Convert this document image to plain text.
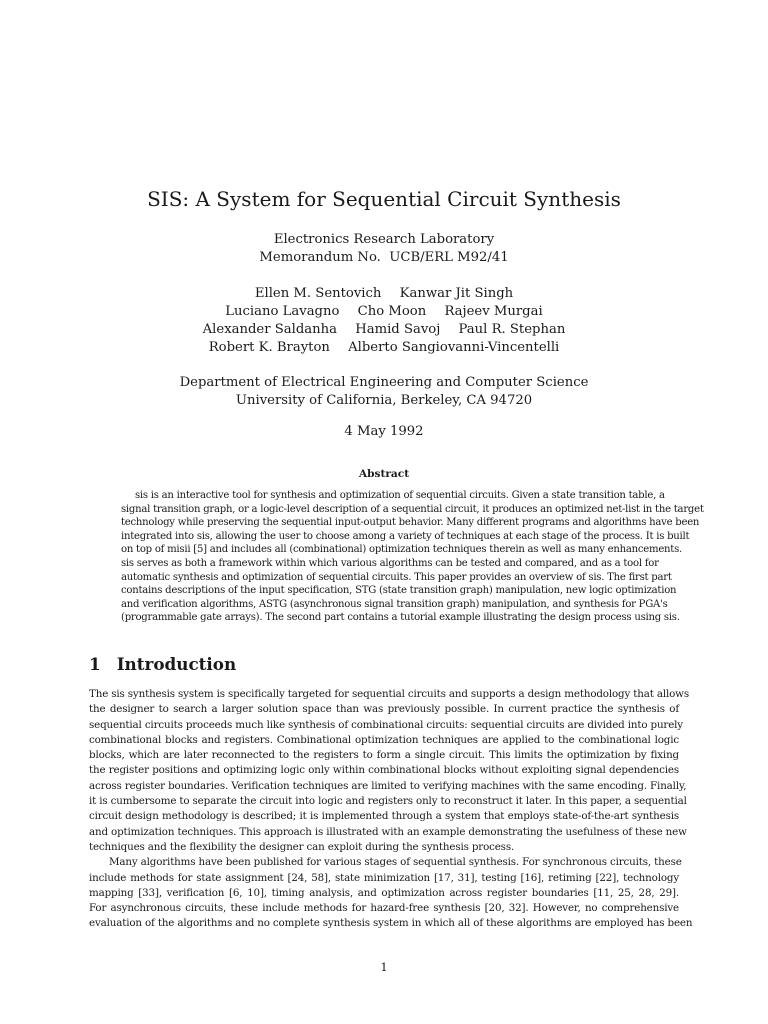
SIS: A System for Sequential Circuit Synthesis
Electronics Research Laboratory
Memorandum No.  UCB/ERL M92/41
Ellen M. Sentovich Kanwar Jit Singh
Luciano Lavagno Cho Moon Rajeev Murgai
Alexander Saldanha Hamid Savoj Paul R. Stephan
Robert K. Brayton Alberto Sangiovanni-Vincentelli
Department of Electrical Engineering and Computer Science
University of California, Berkeley, CA 94720
4 May 1992
Abstract
sis is an interactive tool for synthesis and optimization of sequential circuits. Given a state transition table, a
signal transition graph, or a logic-level description of a sequential circuit, it produces an optimized net-list in the target
technology while preserving the sequential input-output behavior. Many different programs and algorithms have been
integrated into sis, allowing the user to choose among a variety of techniques at each stage of the process. It is built
on top of misii [5] and includes all (combinational) optimization techniques therein as well as many enhancements.
sis serves as both a framework within which various algorithms can be tested and compared, and as a tool for
automatic synthesis and optimization of sequential circuits. This paper provides an overview of sis. The first part
contains descriptions of the input specification, STG (state transition graph) manipulation, new logic optimization
and verification algorithms, ASTG (asynchronous signal transition graph) manipulation, and synthesis for PGA's
(programmable gate arrays). The second part contains a tutorial example illustrating the design process using sis.
1 Introduction
The sis synthesis system is specifically targeted for sequential circuits and supports a design methodology that allows
the designer to search a larger solution space than was previously possible. In current practice the synthesis of
sequential circuits proceeds much like synthesis of combinational circuits: sequential circuits are divided into purely
combinational blocks and registers. Combinational optimization techniques are applied to the combinational logic
blocks, which are later reconnected to the registers to form a single circuit. This limits the optimization by fixing
the register positions and optimizing logic only within combinational blocks without exploiting signal dependencies
across register boundaries. Verification techniques are limited to verifying machines with the same encoding. Finally,
it is cumbersome to separate the circuit into logic and registers only to reconstruct it later. In this paper, a sequential
circuit design methodology is described; it is implemented through a system that employs state-of-the-art synthesis
and optimization techniques. This approach is illustrated with an example demonstrating the usefulness of these new
techniques and the flexibility the designer can exploit during the synthesis process.
Many algorithms have been published for various stages of sequential synthesis. For synchronous circuits, these
include methods for state assignment [24, 58], state minimization [17, 31], testing [16], retiming [22], technology
mapping [33], verification [6, 10], timing analysis, and optimization across register boundaries [11, 25, 28, 29].
For asynchronous circuits, these include methods for hazard-free synthesis [20, 32]. However, no comprehensive
evaluation of the algorithms and no complete synthesis system in which all of these algorithms are employed has been
1
